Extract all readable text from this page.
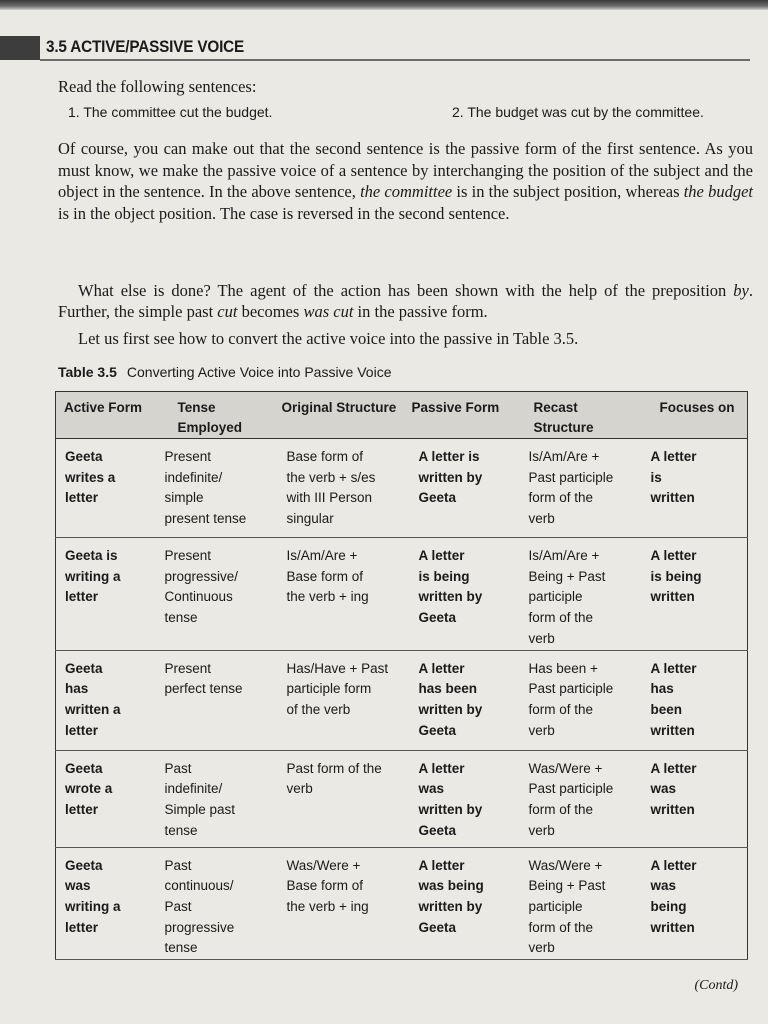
3.5 ACTIVE/PASSIVE VOICE
Read the following sentences:
1. The committee cut the budget.	2. The budget was cut by the committee.

Of course, you can make out that the second sentence is the passive form of the first sentence. As you must know, we make the passive voice of a sentence by interchanging the position of the subject and the object in the sentence. In the above sentence, the committee is in the subject position, whereas the budget is in the object position. The case is reversed in the second sentence.

What else is done? The agent of the action has been shown with the help of the preposition by. Further, the simple past cut becomes was cut in the passive form.

Let us first see how to convert the active voice into the passive in Table 3.5.

Table 3.5 Converting Active Voice into Passive Voice
Active Form	Tense Employed	Original Structure	Passive Form	Recast Structure	Focuses on

Geeta
writes a
letter	Present
indefinite/
simple
present tense	Base form of
the verb + s/es
with III Person
singular	A letter is
written by
Geeta	Is/Am/Are +
Past participle
form of the
verb	A letter
is
written

Geeta is
writing a
letter	Present
progressive/
Continuous
tense	Is/Am/Are +
Base form of
the verb + ing	A letter
is being
written by
Geeta	Is/Am/Are +
Being + Past
participle
form of the
verb	A letter
is being
written

Geeta
has
written a
letter	Present
perfect tense	Has/Have + Past
participle form
of the verb	A letter
has been
written by
Geeta	Has been +
Past participle
form of the
verb	A letter
has
been
written

Geeta
wrote a
letter	Past
indefinite/
Simple past
tense	Past form of the
verb	A letter
was
written by
Geeta	Was/Were +
Past participle
form of the
verb	A letter
was
written

Geeta
was
writing a
letter	Past
continuous/
Past
progressive
tense	Was/Were +
Base form of
the verb + ing	A letter
was being
written by
Geeta	Was/Were +
Being + Past
participle
form of the
verb	A letter
was
being
written
(Contd)
